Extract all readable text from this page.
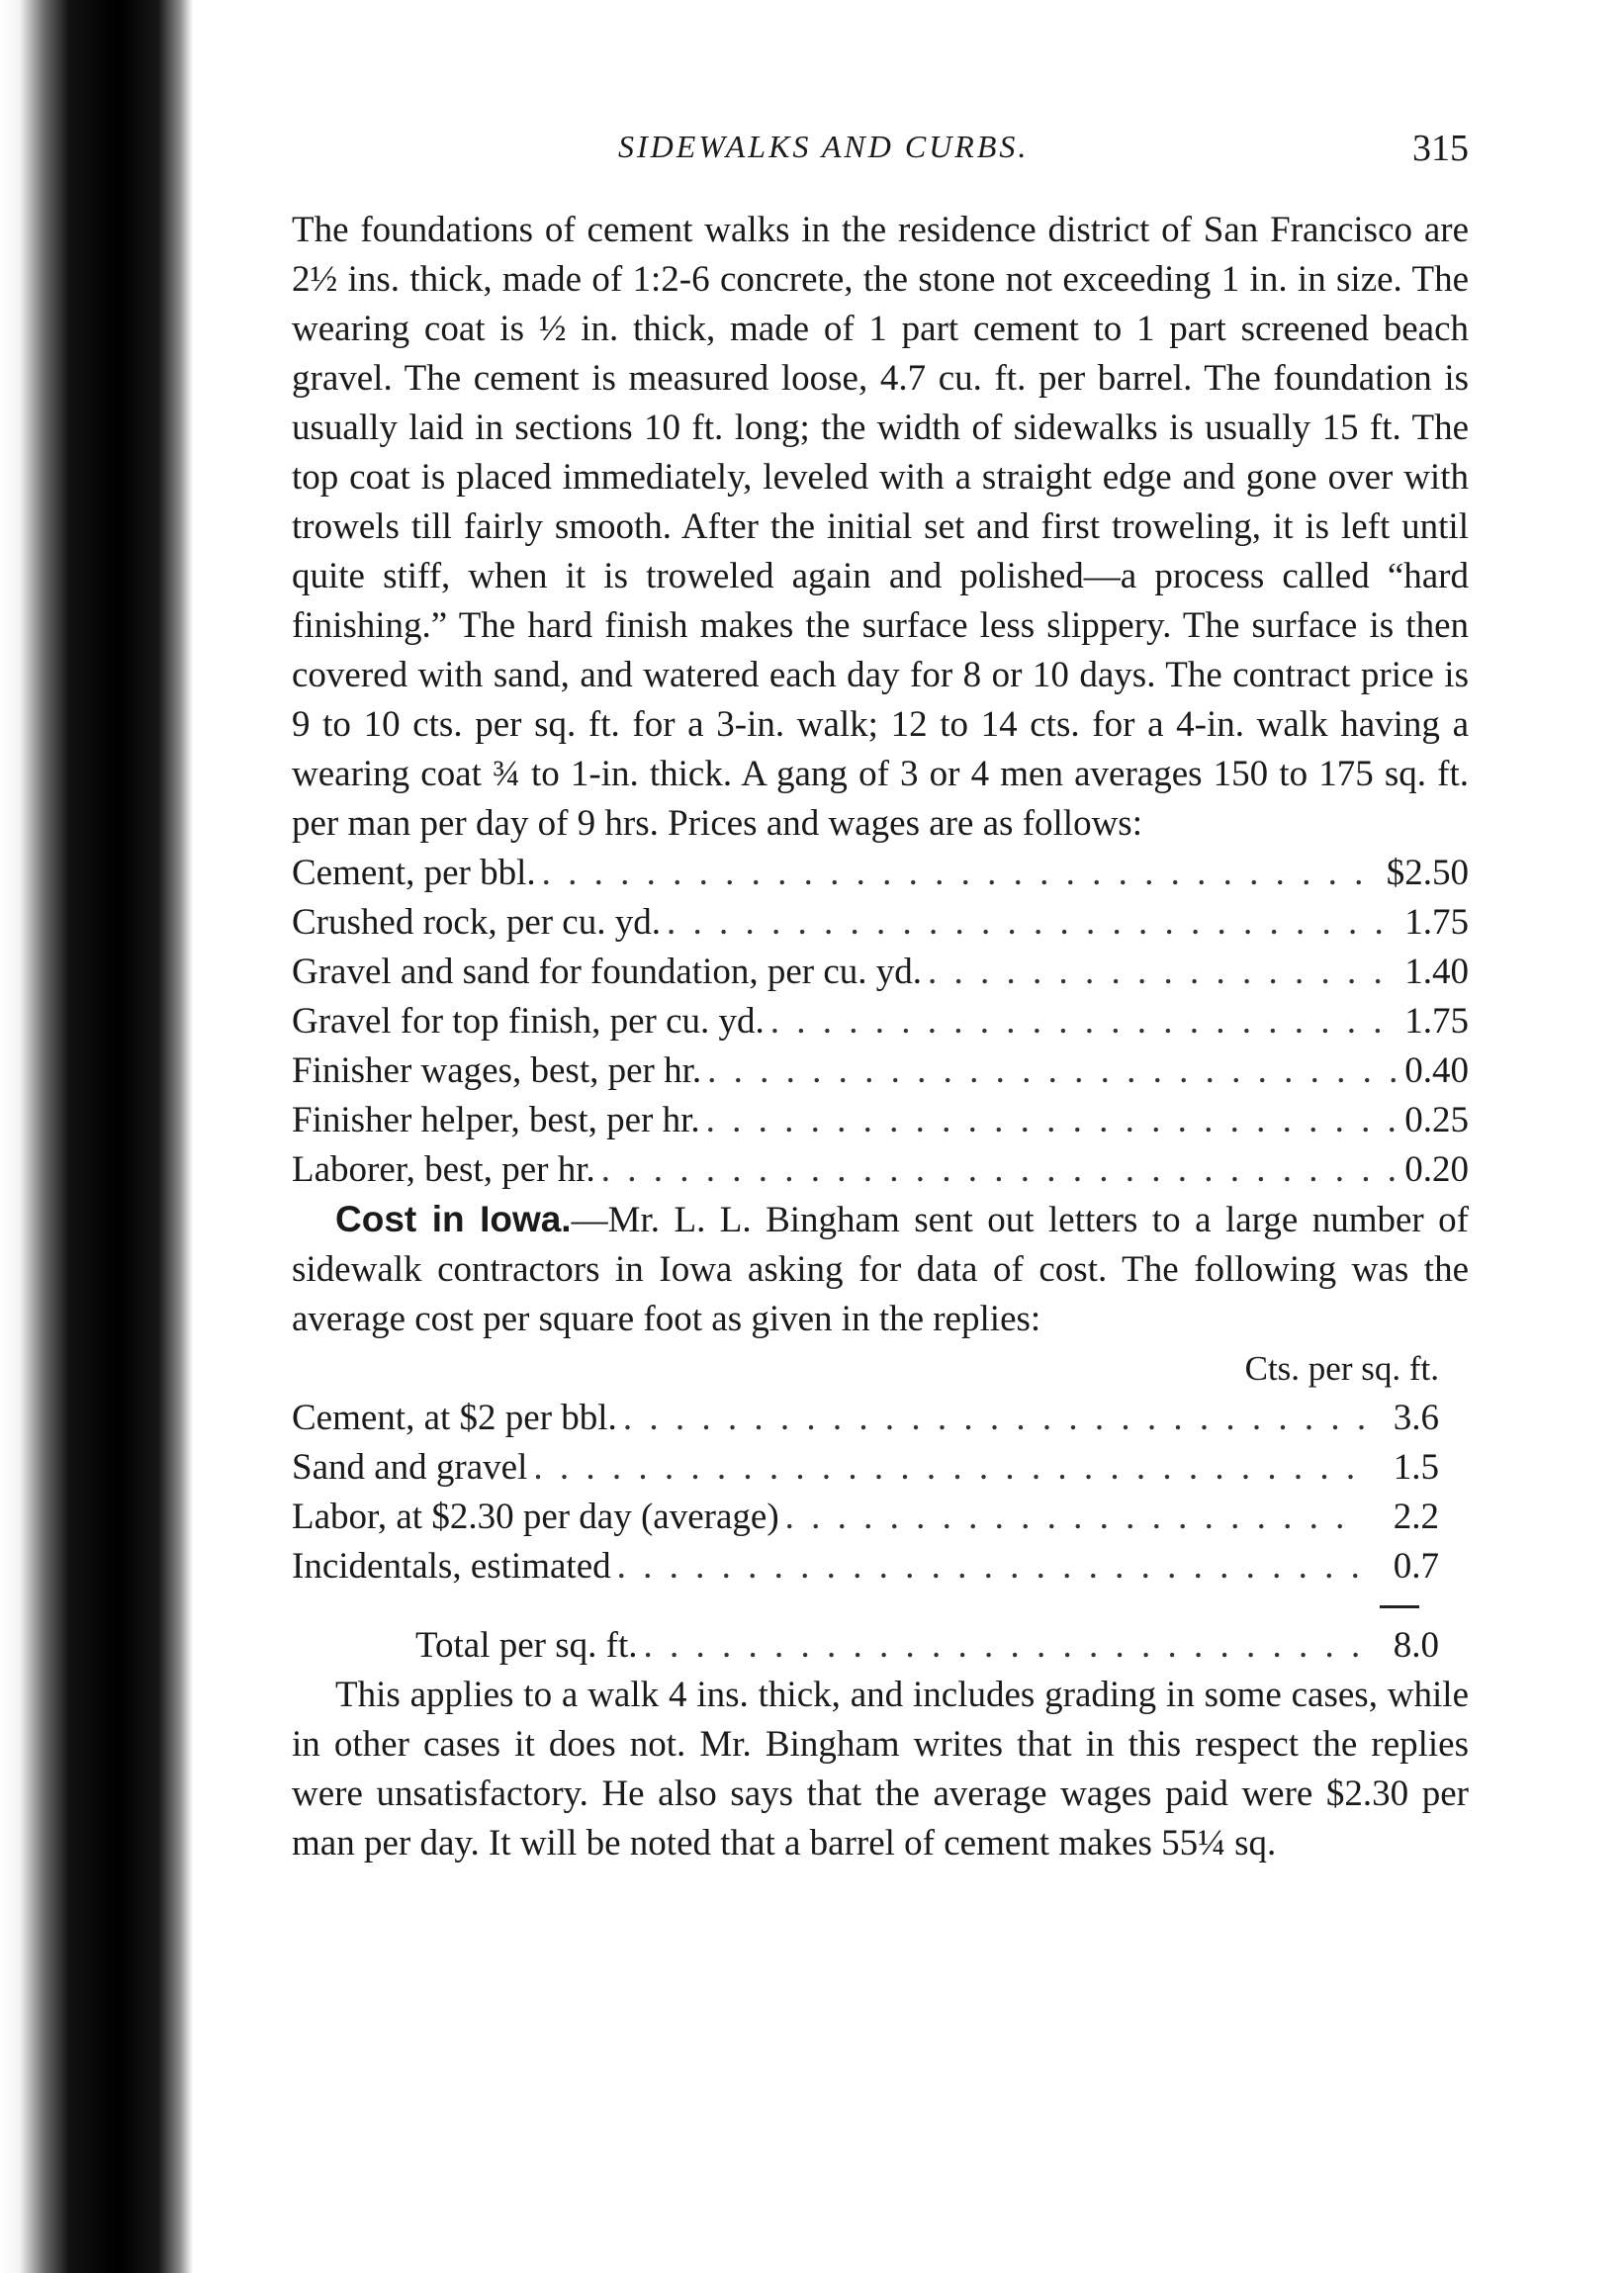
SIDEWALKS AND CURBS.	315

The foundations of cement walks in the residence district of San Francisco are 2½ ins. thick, made of 1:2-6 concrete, the stone not exceeding 1 in. in size. The wearing coat is ½ in. thick, made of 1 part cement to 1 part screened beach gravel. The cement is measured loose, 4.7 cu. ft. per barrel. The foundation is usually laid in sections 10 ft. long; the width of sidewalks is usually 15 ft. The top coat is placed immediately, leveled with a straight edge and gone over with trowels till fairly smooth. After the initial set and first troweling, it is left until quite stiff, when it is troweled again and polished—a process called “hard finishing.” The hard finish makes the surface less slippery. The surface is then covered with sand, and watered each day for 8 or 10 days. The contract price is 9 to 10 cts. per sq. ft. for a 3-in. walk; 12 to 14 cts. for a 4-in. walk having a wearing coat ¾ to 1-in. thick. A gang of 3 or 4 men averages 150 to 175 sq. ft. per man per day of 9 hrs. Prices and wages are as follows:

Cement, per bbl. . . .	$2.50
Crushed rock, per cu. yd. . . .	1.75
Gravel and sand for foundation, per cu. yd. . . .	1.40
Gravel for top finish, per cu. yd. . . .	1.75
Finisher wages, best, per hr. . . .	0.40
Finisher helper, best, per hr. . . .	0.25
Laborer, best, per hr. . . .	0.20

Cost in Iowa.—Mr. L. L. Bingham sent out letters to a large number of sidewalk contractors in Iowa asking for data of cost. The following was the average cost per square foot as given in the replies:

Cts. per sq. ft.
Cement, at $2 per bbl. . . .	3.6
Sand and gravel . . .	1.5
Labor, at $2.30 per day (average) . . .	2.2
Incidentals, estimated . . .	0.7
Total per sq. ft. . . .	8.0

This applies to a walk 4 ins. thick, and includes grading in some cases, while in other cases it does not. Mr. Bingham writes that in this respect the replies were unsatisfactory. He also says that the average wages paid were $2.30 per man per day. It will be noted that a barrel of cement makes 55¼ sq.
